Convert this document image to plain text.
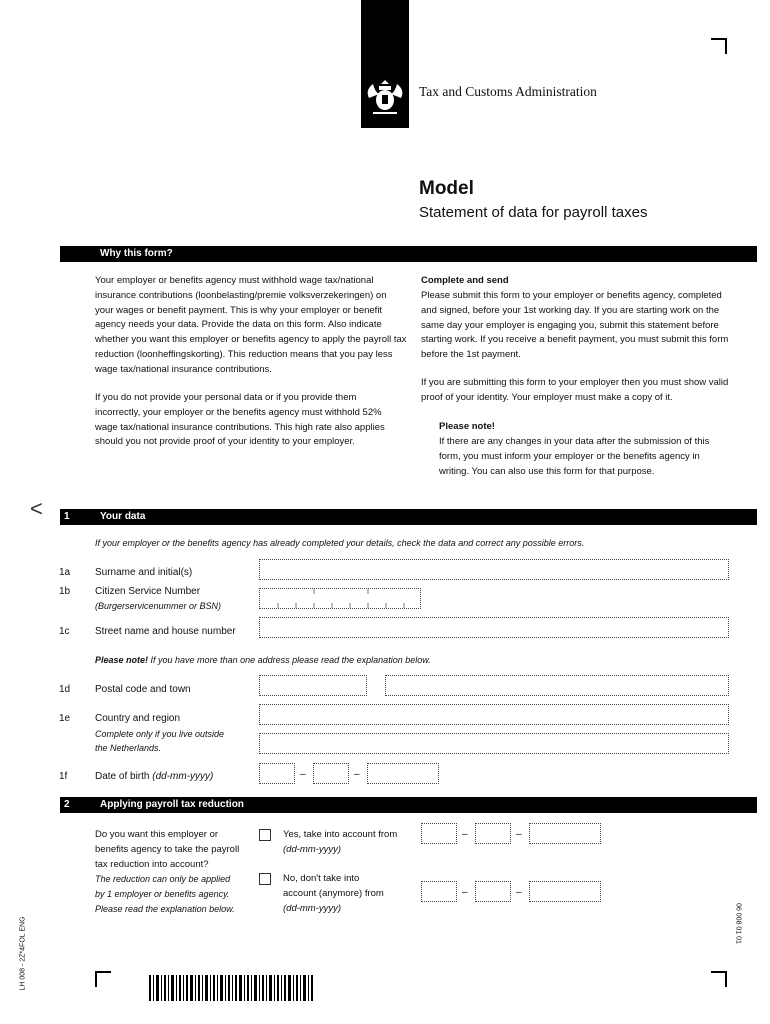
Tax and Customs Administration
Model
Statement of data for payroll taxes
Why this form?
Your employer or benefits agency must withhold wage tax/national insurance contributions (loonbelasting/premie volksverzekeringen) on your wages or benefit payment. This is why your employer or benefit agency needs your data. Provide the data on this form. Also indicate whether you want this employer or benefits agency to apply the payroll tax reduction (loonheffingskorting). This reduction means that you pay less wage tax/national insurance contributions.
If you do not provide your personal data or if you provide them incorrectly, your employer or the benefits agency must withhold 52% wage tax/national insurance contributions. This high rate also applies should you not provide proof of your identity to your employer.
Complete and send
Please submit this form to your employer or benefits agency, completed and signed, before your 1st working day. If you are starting work on the same day your employer is engaging you, submit this statement before starting work. If you receive a benefit payment, you must submit this form before the 1st payment.
If you are submitting this form to your employer then you must show valid proof of your identity. Your employer must make a copy of it.
Please note!
If there are any changes in your data after the submission of this form, you must inform your employer or the benefits agency in writing. You can also use this form for that purpose.
< 1	Your data
If your employer or the benefits agency has already completed your details, check the data and correct any possible errors.
1a Surname and initial(s)
1b Citizen Service Number
(Burgerservicenummer or BSN)
1c	Street name and house number
Please note! If you have more than one address please read the explanation below.
1d Postal code and town
1e Country and region
Complete only if you live outside
the Netherlands.
1f	Date of birth (dd-mm-yyyy)	–	–
2	Applying payroll tax reduction
Do you want this employer or
benefits agency to take the payroll
tax reduction into account?
The reduction can only be applied
by 1 employer or benefits agency.
Please read the explanation below.
Yes, take into account from
(dd-mm-yyyy)
–	–
No, don't take into
account (anymore) from
(dd-mm-yyyy)
–	–
LH 008 - 2Z*4FOL ENG	06 008 01 01
